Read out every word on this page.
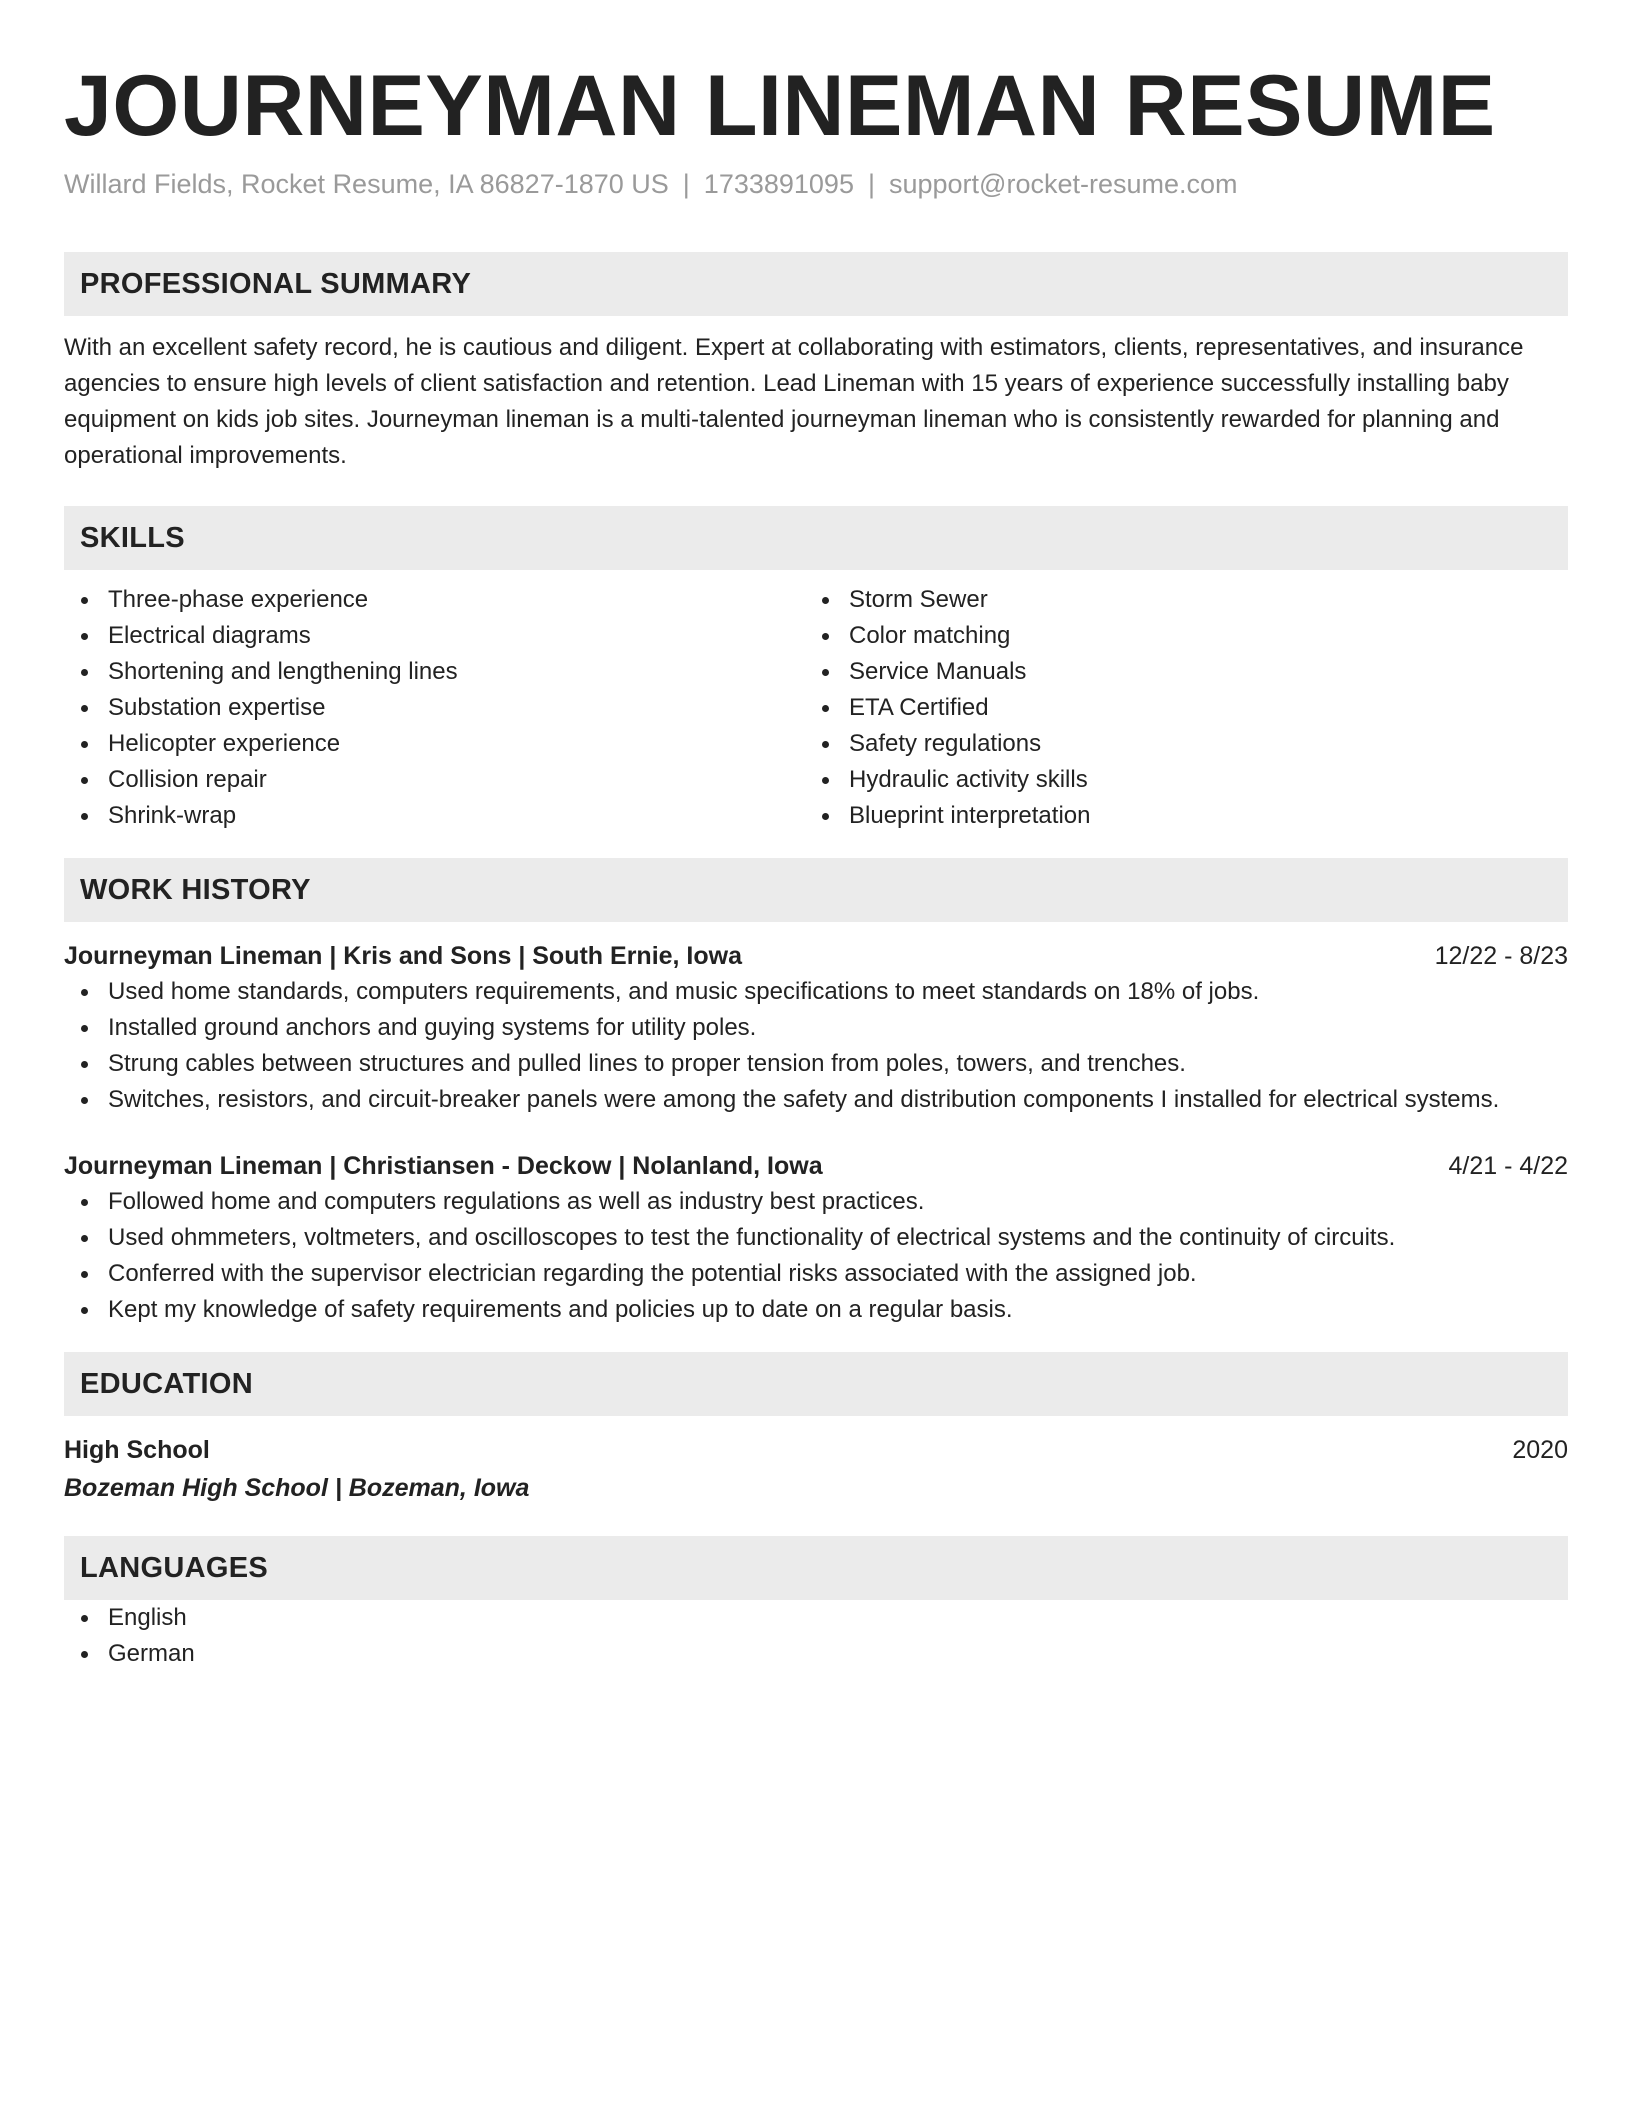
JOURNEYMAN LINEMAN RESUME
Willard Fields, Rocket Resume, IA 86827-1870 US | 1733891095 | support@rocket-resume.com
PROFESSIONAL SUMMARY
With an excellent safety record, he is cautious and diligent. Expert at collaborating with estimators, clients, representatives, and insurance agencies to ensure high levels of client satisfaction and retention. Lead Lineman with 15 years of experience successfully installing baby equipment on kids job sites. Journeyman lineman is a multi-talented journeyman lineman who is consistently rewarded for planning and operational improvements.
SKILLS
Three-phase experience
Electrical diagrams
Shortening and lengthening lines
Substation expertise
Helicopter experience
Collision repair
Shrink-wrap
Storm Sewer
Color matching
Service Manuals
ETA Certified
Safety regulations
Hydraulic activity skills
Blueprint interpretation
WORK HISTORY
Journeyman Lineman | Kris and Sons | South Ernie, Iowa	12/22 - 8/23
Used home standards, computers requirements, and music specifications to meet standards on 18% of jobs.
Installed ground anchors and guying systems for utility poles.
Strung cables between structures and pulled lines to proper tension from poles, towers, and trenches.
Switches, resistors, and circuit-breaker panels were among the safety and distribution components I installed for electrical systems.
Journeyman Lineman | Christiansen - Deckow | Nolanland, Iowa	4/21 - 4/22
Followed home and computers regulations as well as industry best practices.
Used ohmmeters, voltmeters, and oscilloscopes to test the functionality of electrical systems and the continuity of circuits.
Conferred with the supervisor electrician regarding the potential risks associated with the assigned job.
Kept my knowledge of safety requirements and policies up to date on a regular basis.
EDUCATION
High School	2020
Bozeman High School | Bozeman, Iowa
LANGUAGES
English
German
